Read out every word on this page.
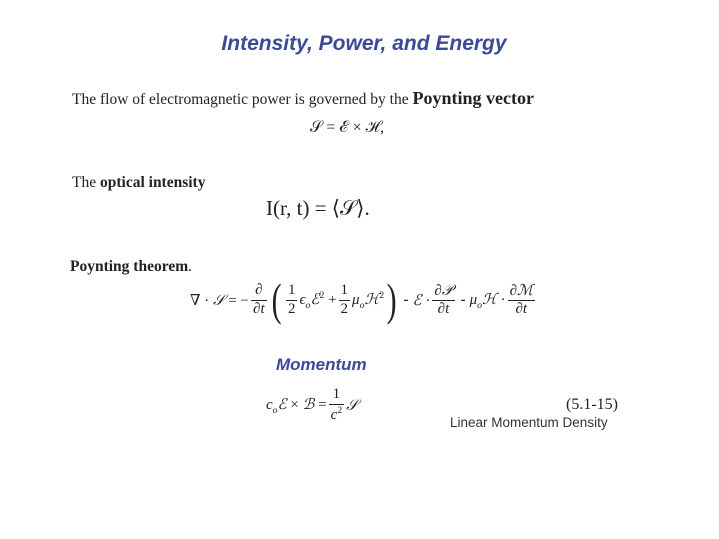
Intensity, Power, and Energy
The flow of electromagnetic power is governed by the Poynting vector
𝒮 = ℰ × ℋ,
The optical intensity
I(r, t) = ⟨𝒮⟩.
Poynting theorem.
∇ · 𝒮 = − $\frac{\partial}{\partial t}$ ( $\frac{1}{2}$ $\epsilon_oℰ^2 + \frac{1}{2}$ $\mu_oℋ^2$ ) - ℰ · $\frac{\text{∂𝒫}}{\partial t}$ - $\mu_oℋ \cdot \frac{\text{∂ℳ}}{\partial t}$
Momentum
$c_oℰ$ × ℬ = $\frac{1}{c^2}$ 𝒮	(5.1-15)
Linear Momentum Density
